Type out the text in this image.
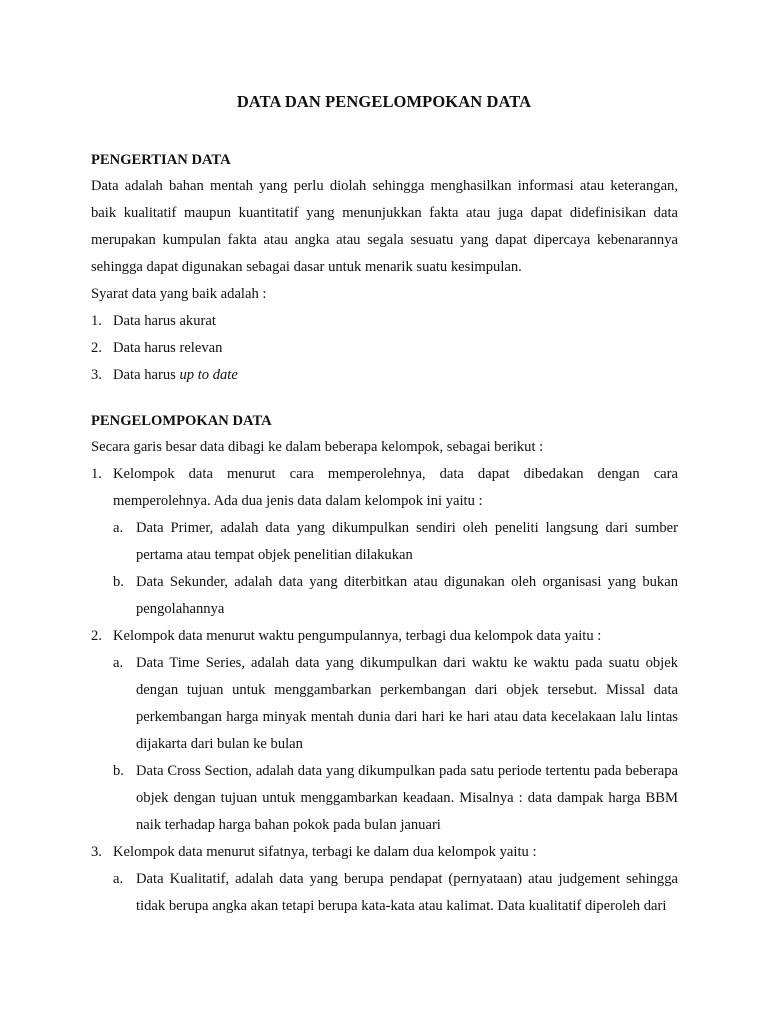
DATA DAN PENGELOMPOKAN DATA
PENGERTIAN DATA
Data adalah bahan mentah yang perlu diolah sehingga menghasilkan informasi atau keterangan, baik kualitatif maupun kuantitatif yang menunjukkan fakta atau juga dapat didefinisikan data merupakan kumpulan fakta atau angka atau segala sesuatu yang dapat dipercaya kebenarannya sehingga dapat digunakan sebagai dasar untuk menarik suatu kesimpulan.
Syarat data yang baik adalah :
1. Data harus akurat
2. Data harus relevan
3. Data harus up to date
PENGELOMPOKAN DATA
Secara garis besar data dibagi ke dalam beberapa kelompok, sebagai berikut :
1. Kelompok data menurut cara memperolehnya, data dapat dibedakan dengan cara memperolehnya. Ada dua jenis data dalam kelompok ini yaitu :
a. Data Primer, adalah data yang dikumpulkan sendiri oleh peneliti langsung dari sumber pertama atau tempat objek penelitian dilakukan
b. Data Sekunder, adalah data yang diterbitkan atau digunakan oleh organisasi yang bukan pengolahannya
2. Kelompok data menurut waktu pengumpulannya, terbagi dua kelompok data yaitu :
a. Data Time Series, adalah data yang dikumpulkan dari waktu ke waktu pada suatu objek dengan tujuan untuk menggambarkan perkembangan dari objek tersebut. Missal data perkembangan harga minyak mentah dunia dari hari ke hari atau data kecelakaan lalu lintas dijakarta dari bulan ke bulan
b. Data Cross Section, adalah data yang dikumpulkan pada satu periode tertentu pada beberapa objek dengan tujuan untuk menggambarkan keadaan. Misalnya : data dampak harga BBM naik terhadap harga bahan pokok pada bulan januari
3. Kelompok data menurut sifatnya, terbagi ke dalam dua kelompok yaitu :
a. Data Kualitatif, adalah data yang berupa pendapat (pernyataan) atau judgement sehingga tidak berupa angka akan tetapi berupa kata-kata atau kalimat. Data kualitatif diperoleh dari
